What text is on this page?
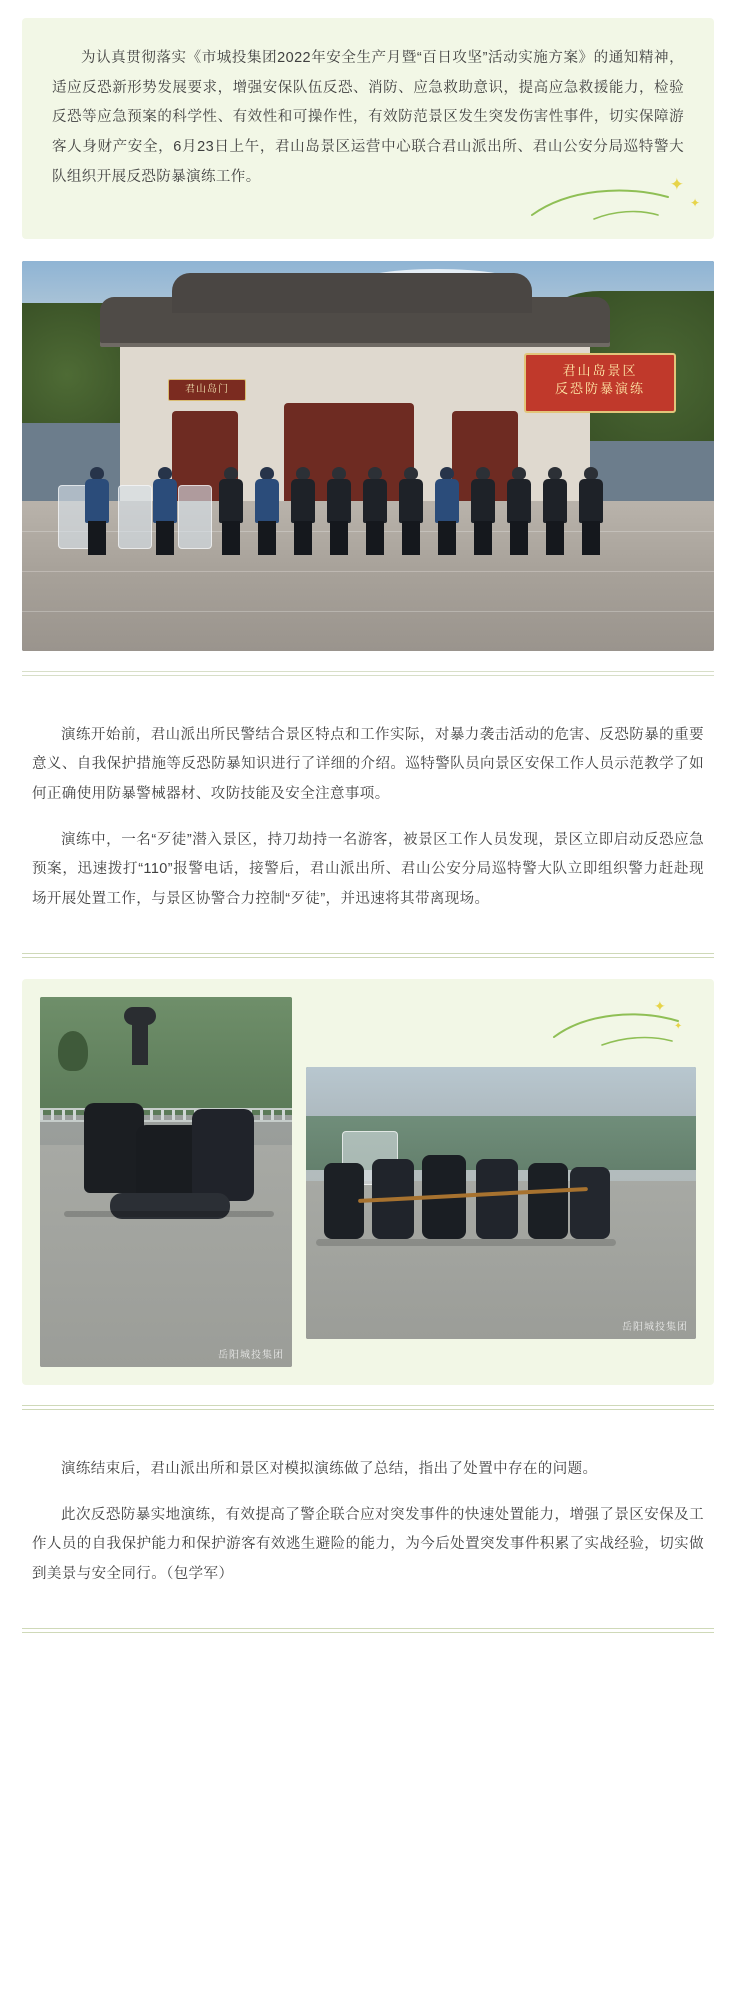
为认真贯彻落实《市城投集团2022年安全生产月暨“百日攻坚”活动实施方案》的通知精神，适应反恐新形势发展要求，增强安保队伍反恐、消防、应急救助意识，提高应急救援能力，检验反恐等应急预案的科学性、有效性和可操作性，有效防范景区发生突发伤害性事件，切实保障游客人身财产安全，6月23日上午，君山岛景区运营中心联合君山派出所、君山公安分局巡特警大队组织开展反恐防暴演练工作。	✦
✦
君山岛门
君山岛景区
反恐防暴演练

演练开始前，君山派出所民警结合景区特点和工作实际，对暴力袭击活动的危害、反恐防暴的重要意义、自我保护措施等反恐防暴知识进行了详细的介绍。巡特警队员向景区安保工作人员示范教学了如何正确使用防暴警械器材、攻防技能及安全注意事项。

演练中，一名“歹徒”潜入景区，持刀劫持一名游客，被景区工作人员发现，景区立即启动反恐应急预案，迅速拨打“110”报警电话，接警后，君山派出所、君山公安分局巡特警大队立即组织警力赶赴现场开展处置工作，与景区协警合力控制“歹徒”，并迅速将其带离现场。

岳阳城投集团
✦
✦
岳阳城投集团

演练结束后，君山派出所和景区对模拟演练做了总结，指出了处置中存在的问题。

此次反恐防暴实地演练，有效提高了警企联合应对突发事件的快速处置能力，增强了景区安保及工作人员的自我保护能力和保护游客有效逃生避险的能力，为今后处置突发事件积累了实战经验，切实做到美景与安全同行。（包学军）
